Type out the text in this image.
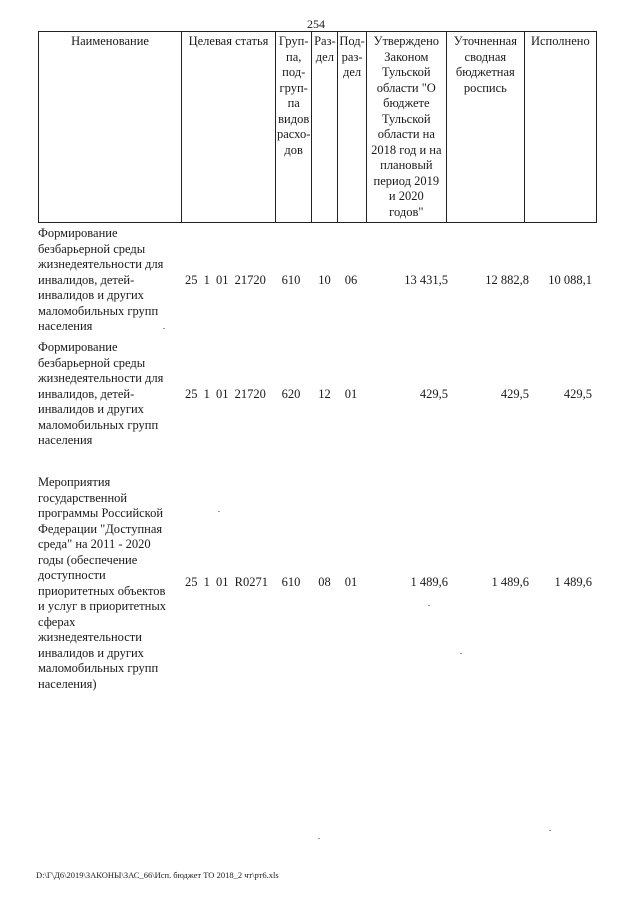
254
Наименование	Целевая статья	Груп-
па,
под-
груп-
па
видов
расхо-
дов	Раз-
дел	Под-
раз-
дел	Утверждено
Законом
Тульской
области "О
бюджете
Тульской
области на
2018 год и на
плановый
период 2019
и 2020
годов"	Уточненная
сводная
бюджетная
роспись	Исполнено
Формирование
безбарьерной среды
жизнедеятельности для
инвалидов, детей-
инвалидов и других
маломобильных групп
населения
25 1 01 21720	610	10	06	13 431,5	12 882,8	10 088,1
Формирование
безбарьерной среды
жизнедеятельности для
инвалидов, детей-
инвалидов и других
маломобильных групп
населения
25 1 01 21720	620	12	01	429,5	429,5	429,5
Мероприятия
государственной
программы Российской
Федерации "Доступная
среда" на 2011 - 2020
годы (обеспечение
доступности
приоритетных объектов
и услуг в приоритетных
сферах
жизнедеятельности
инвалидов и других
маломобильных групп
населения)
25 1 01 R0271	610	08	01	1 489,6	1 489,6	1 489,6
D:\Г\Д6\2019\ЗАКОНЫ\ЗАС_66\Исп. бюджет ТО 2018_2 чт\рт6.xls
